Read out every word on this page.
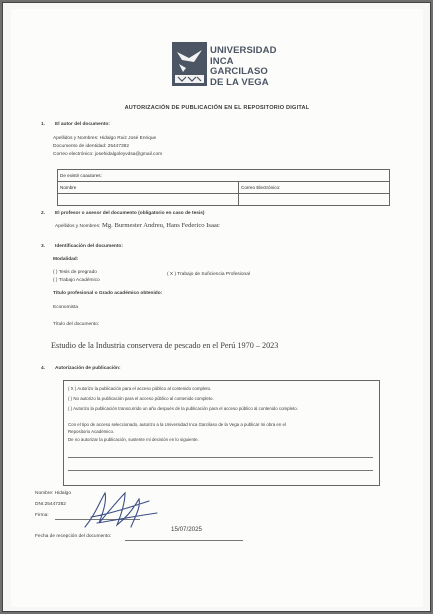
UNIVERSIDAD
INCA GARCILASO
DE LA VEGA
AUTORIZACIÓN DE PUBLICACIÓN EN EL REPOSITORIO DIGITAL
1. El autor del documento:
Apellidos y Nombres: Hidalgo Ruiz José Enrique
Documento de identidad: 25447382
Correo electrónico: josehidalgoleyvdsa@gmail.com
De existir coautores:
Nombre	Correo Electrónico:
2. El profesor o asesor del documento (obligatorio en caso de tesis)
Apellidos y Nombres: Mg. Burmester Andreu, Hans Federico Isaac
3. Identificación del documento:
Modalidad:
( ) Tesis de pregrado
( ) Trabajo Académico
( X ) Trabajo de Suficiencia Profesional
Título profesional o Grado académico obtenido:
Economista
Título del documento:
Estudio de la Industria conservera de pescado en el Perú 1970 – 2023
4. Autorización de publicación:
( X ) Autorizo la publicación para el acceso público al contenido completo.
( ) No autorizo la publicación para el acceso público al contenido completo.
( ) Autorizo la publicación transcurrido un año después de la publicación para el acceso público al contenido completo.
Con el tipo de acceso seleccionado, autorizo a la Universidad Inca Garcilaso de la Vega a publicar mi obra en el
Repositorio Académico.
De no autorizar la publicación, sustente mi decisión en lo siguiente.
Nombre: Hidalgo
DNI:25447382
Firma:
Fecha de recepción del documento:
15/07/2025
